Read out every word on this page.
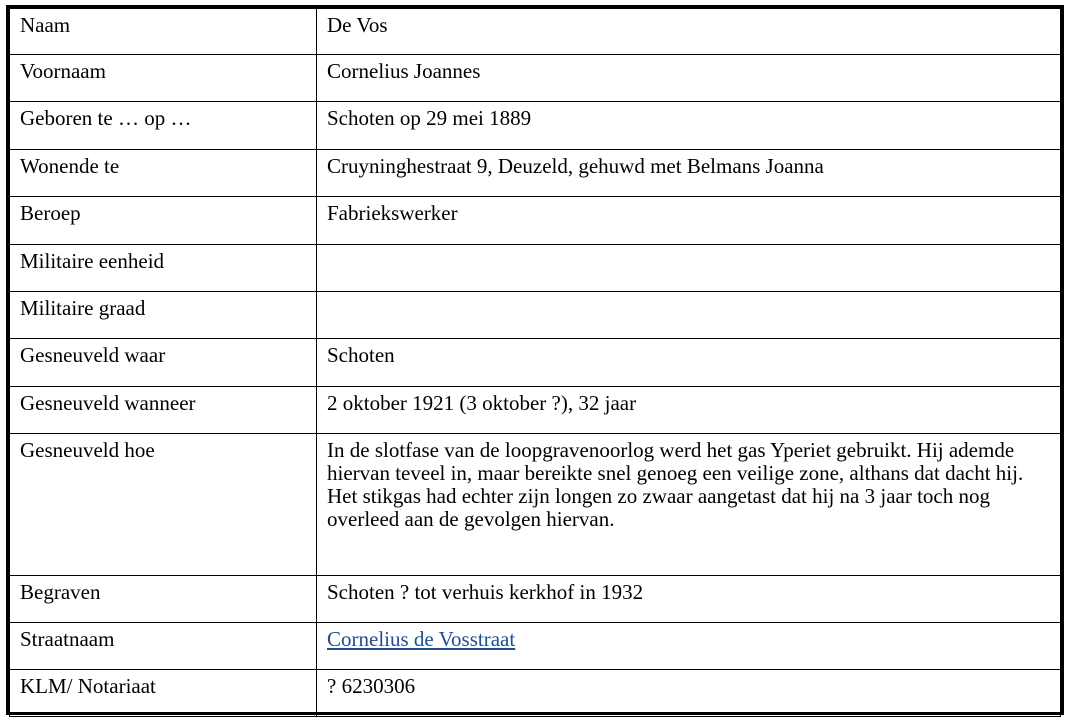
Naam	De Vos
Voornaam	Cornelius Joannes
Geboren te … op …	Schoten op 29 mei 1889
Wonende te	Cruyninghestraat 9, Deuzeld, gehuwd met Belmans Joanna
Beroep	Fabriekswerker
Militaire eenheid	
Militaire graad	
Gesneuveld waar	Schoten
Gesneuveld wanneer	2 oktober 1921 (3 oktober ?), 32 jaar
Gesneuveld hoe	In de slotfase van de loopgravenoorlog werd het gas Yperiet gebruikt. Hij ademde hiervan teveel in, maar bereikte snel genoeg een veilige zone, althans dat dacht hij. Het stikgas had echter zijn longen zo zwaar aangetast dat hij na 3 jaar toch nog overleed aan de gevolgen hiervan.
Begraven	Schoten ? tot verhuis kerkhof in 1932
Straatnaam	Cornelius de Vosstraat
KLM/ Notariaat	? 6230306
